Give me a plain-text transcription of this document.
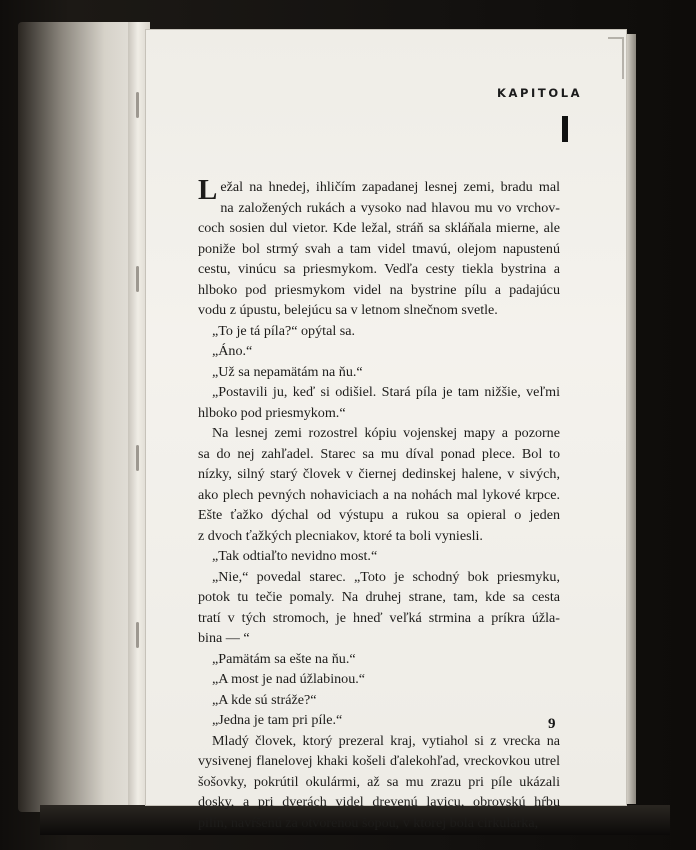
KAPITOLA

L ežal na hnedej, ihličím zapadanej lesnej zemi, bradu mal
na založených rukách a vysoko nad hlavou mu vo vrchov-
coch sosien dul vietor. Kde ležal, stráň sa skláňala mierne, ale
poniže bol strmý svah a tam videl tmavú, olejom napustenú
cestu, vinúcu sa priesmykom. Vedľa cesty tiekla bystrina a
hlboko pod priesmykom videl na bystrine pílu a padajúcu
vodu z úpustu, belejúcu sa v letnom slnečnom svetle.

„To je tá píla?“ opýtal sa.

„Áno.“

„Už sa nepamätám na ňu.“

„Postavili ju, keď si odišiel. Stará píla je tam nižšie, veľmi
hlboko pod priesmykom.“

Na lesnej zemi rozostrel kópiu vojenskej mapy a pozorne
sa do nej zahľadel. Starec sa mu díval ponad plece. Bol to
nízky, silný starý človek v čiernej dedinskej halene, v sivých,
ako plech pevných nohaviciach a na nohách mal lykové krpce.
Ešte ťažko dýchal od výstupu a rukou sa opieral o jeden
z dvoch ťažkých plecniakov, ktoré ta boli vyniesli.

„Tak odtiaľto nevidno most.“

„Nie,“ povedal starec. „Toto je schodný bok priesmyku,
potok tu tečie pomaly. Na druhej strane, tam, kde sa cesta
tratí v tých stromoch, je hneď veľká strmina a príkra úžla-
bina — “

„Pamätám sa ešte na ňu.“

„A most je nad úžlabinou.“

„A kde sú stráže?“

„Jedna je tam pri píle.“

Mladý človek, ktorý prezeral kraj, vytiahol si z vrecka na
vysivenej flanelovej khaki košeli ďalekohľad, vreckovkou utrel
šošovky, pokrútil okulármi, až sa mu zrazu pri píle ukázali
dosky, a pri dverách videl drevenú lavicu, obrovskú hŕbu
pilín, navŕšenú za otvorenou šopou, v ktorej bola cirkulárka,

9
